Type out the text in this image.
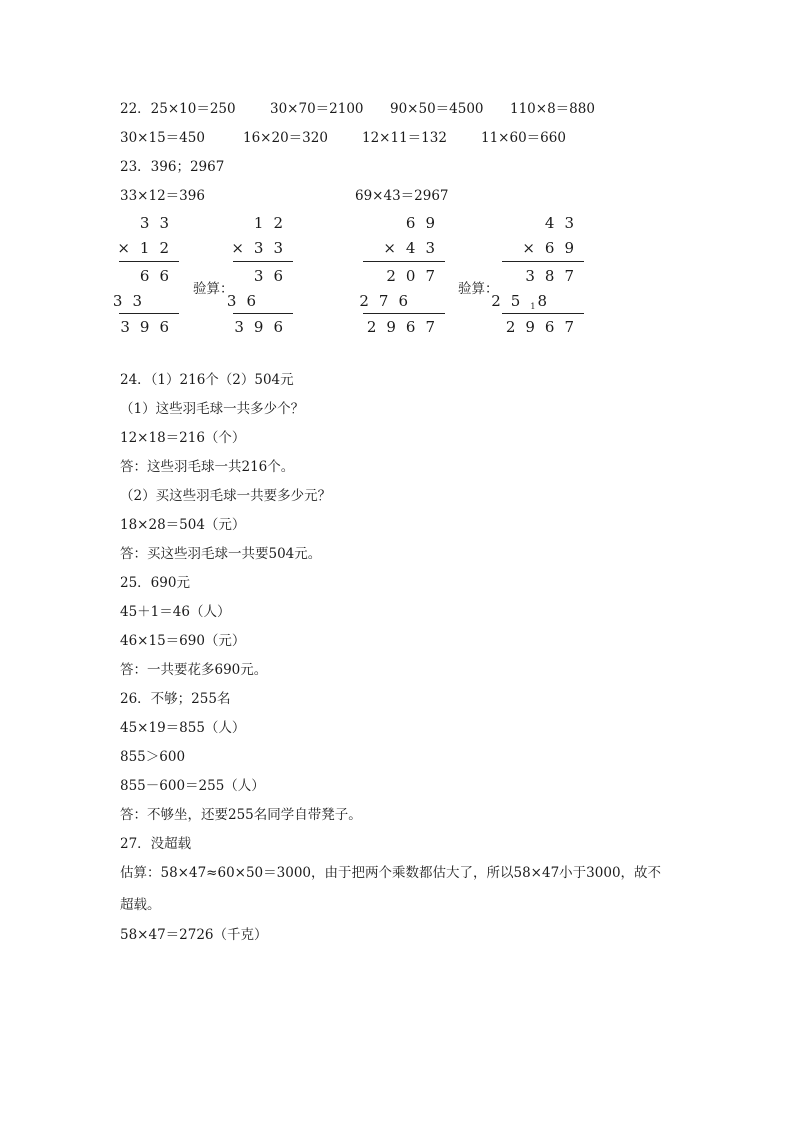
22．25×10＝250	30×70＝2100 90×50＝4500 110×8＝880
30×15＝450	16×20＝320	12×11＝132	11×60＝660
23．396；2967
33×12＝396	69×43＝2967
33
×12
66
33
396
验算：
12
×33
36
36
396
69
×43
207
276
2967
验算：
43
×69
387
$25_18$
2967
24．（1）216个（2）504元
（1）这些羽毛球一共多少个？
12×18＝216（个）
答：这些羽毛球一共216个。
（2）买这些羽毛球一共要多少元？
18×28＝504（元）
答：买这些羽毛球一共要504元。
25．690元
45＋1＝46（人）
46×15＝690（元）
答：一共要花多690元。
26．不够；255名
45×19＝855（人）
855＞600
855－600＝255（人）
答：不够坐，还要255名同学自带凳子。
27．没超载
估算：58×47≈60×50＝3000，由于把两个乘数都估大了，所以58×47小于3000，故不
超载。
58×47＝2726（千克）
